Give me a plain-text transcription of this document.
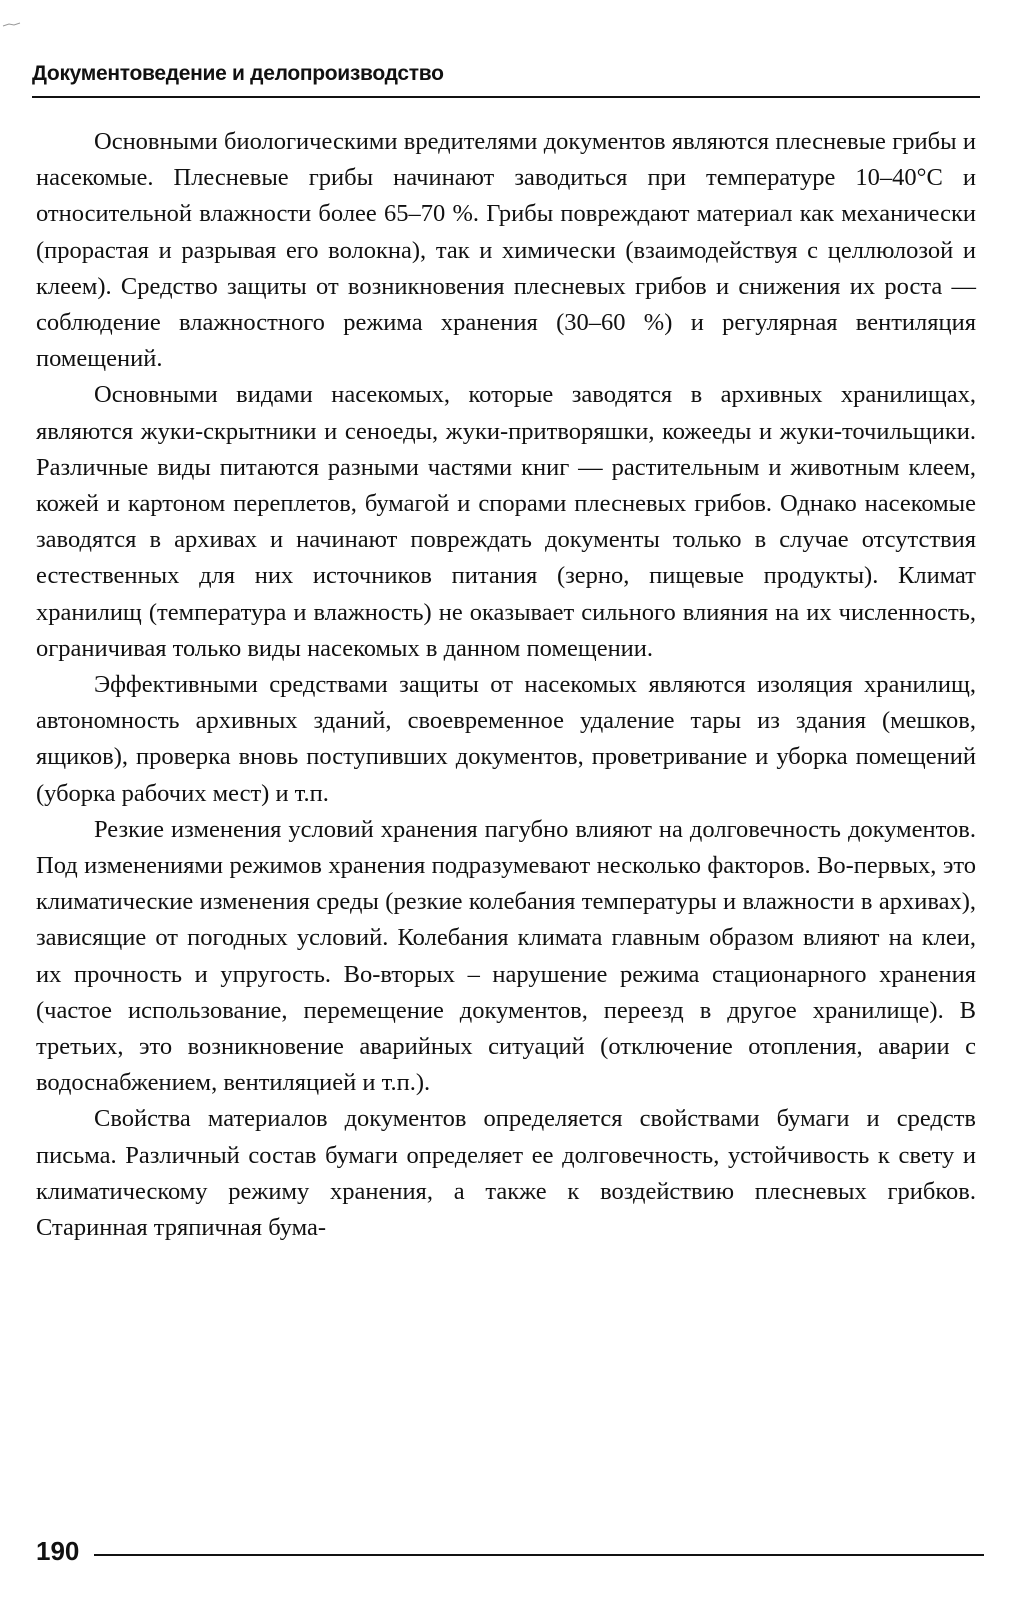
Документоведение и делопроизводство

Основными биологическими вредителями документов являются плесневые грибы и насекомые. Плесневые грибы начинают заводиться при температуре 10–40°С и относительной влажности более 65–70 %. Грибы повреждают материал как механически (прорастая и разрывая его волокна), так и химически (взаимодействуя с целлюлозой и клеем). Средство защиты от возникновения плесневых грибов и снижения их роста — соблюдение влажностного режима хранения (30–60 %) и регулярная вентиляция помещений.

Основными видами насекомых, которые заводятся в архивных хранилищах, являются жуки-скрытники и сеноеды, жуки-притворяшки, кожееды и жуки-точильщики. Различные виды питаются разными частями книг — растительным и животным клеем, кожей и картоном переплетов, бумагой и спорами плесневых грибов. Однако насекомые заводятся в архивах и начинают повреждать документы только в случае отсутствия естественных для них источников питания (зерно, пищевые продукты). Климат хранилищ (температура и влажность) не оказывает сильного влияния на их численность, ограничивая только виды насекомых в данном помещении.

Эффективными средствами защиты от насекомых являются изоляция хранилищ, автономность архивных зданий, своевременное удаление тары из здания (мешков, ящиков), проверка вновь поступивших документов, проветривание и уборка помещений (уборка рабочих мест) и т.п.

Резкие изменения условий хранения пагубно влияют на долговечность документов. Под изменениями режимов хранения подразумевают несколько факторов. Во-первых, это климатические изменения среды (резкие колебания температуры и влажности в архивах), зависящие от погодных условий. Колебания климата главным образом влияют на клеи, их прочность и упругость. Во-вторых – нарушение режима стационарного хранения (частое использование, перемещение документов, переезд в другое хранилище). В третьих, это возникновение аварийных ситуаций (отключение отопления, аварии с водоснабжением, вентиляцией и т.п.).

Свойства материалов документов определяется свойствами бумаги и средств письма. Различный состав бумаги определяет ее долговечность, устойчивость к свету и климатическому режиму хранения, а также к воздействию плесневых грибков. Старинная тряпичная бума-

190
